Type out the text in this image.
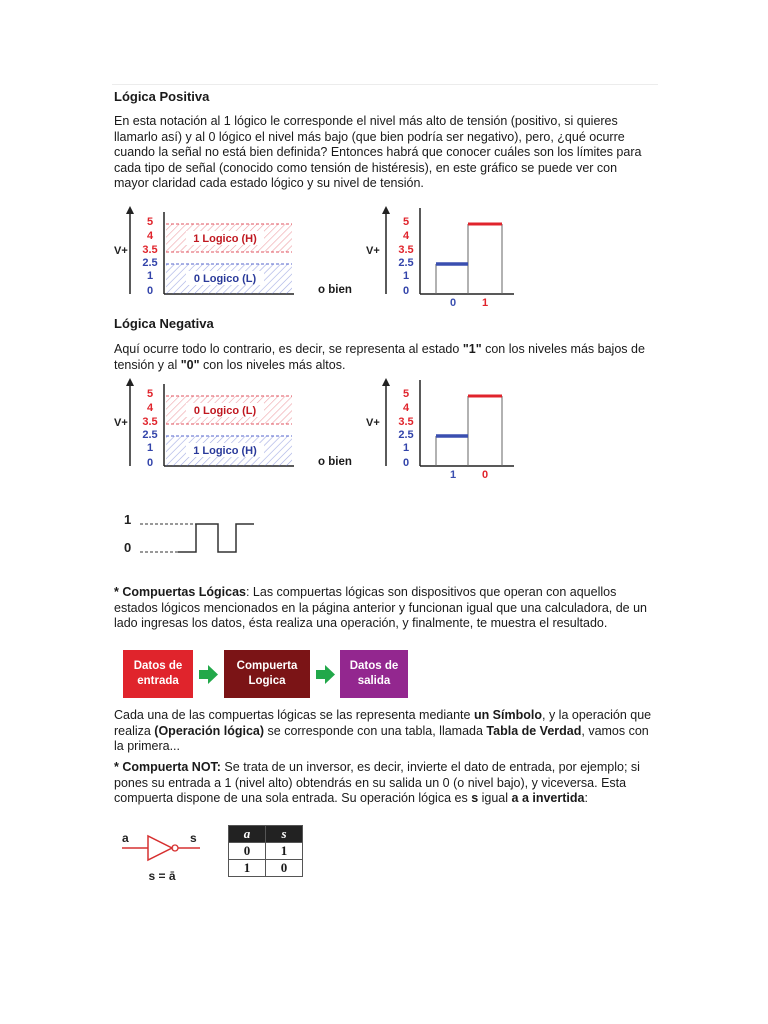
Lógica Positiva

En esta notación al 1 lógico le corresponde el nivel más alto de tensión (positivo, si quieres llamarlo así) y al 0 lógico el nivel más bajo (que bien podría ser negativo), pero, ¿qué ocurre cuando la señal no está bien definida? Entonces habrá que conocer cuáles son los límites para cada tipo de señal (conocido como tensión de histéresis), en este gráfico se puede ver con mayor claridad cada estado lógico y su nivel de tensión.

V+
5
4
3.5
2.5
1
0
1 Logico (H)
0 Logico (L)
o bien
V+
5
4
3.5
2.5
1
0
0 1
Lógica Negativa

Aquí ocurre todo lo contrario, es decir, se representa al estado "1" con los niveles más bajos de tensión y al "0" con los niveles más altos.

V+
5
4
3.5
2.5
1
0
0 Logico (L)
1 Logico (H)
o bien
V+
5
4
3.5
2.5
1
0
1 0
1
0

* Compuertas Lógicas: Las compuertas lógicas son dispositivos que operan con aquellos estados lógicos mencionados en la página anterior y funcionan igual que una calculadora, de un lado ingresas los datos, ésta realiza una operación, y finalmente, te muestra el resultado.

Datos de entrada
Compuerta Logica
Datos de salida

Cada una de las compuertas lógicas se las representa mediante un Símbolo, y la operación que realiza (Operación lógica) se corresponde con una tabla, llamada Tabla de Verdad, vamos con la primera...

* Compuerta NOT: Se trata de un inversor, es decir, invierte el dato de entrada, por ejemplo; si pones su entrada a 1 (nivel alto) obtendrás en su salida un 0 (o nivel bajo), y viceversa. Esta compuerta dispone de una sola entrada. Su operación lógica es s igual a a invertida:

a	s
s = ā
a	s
0	1
1	0
